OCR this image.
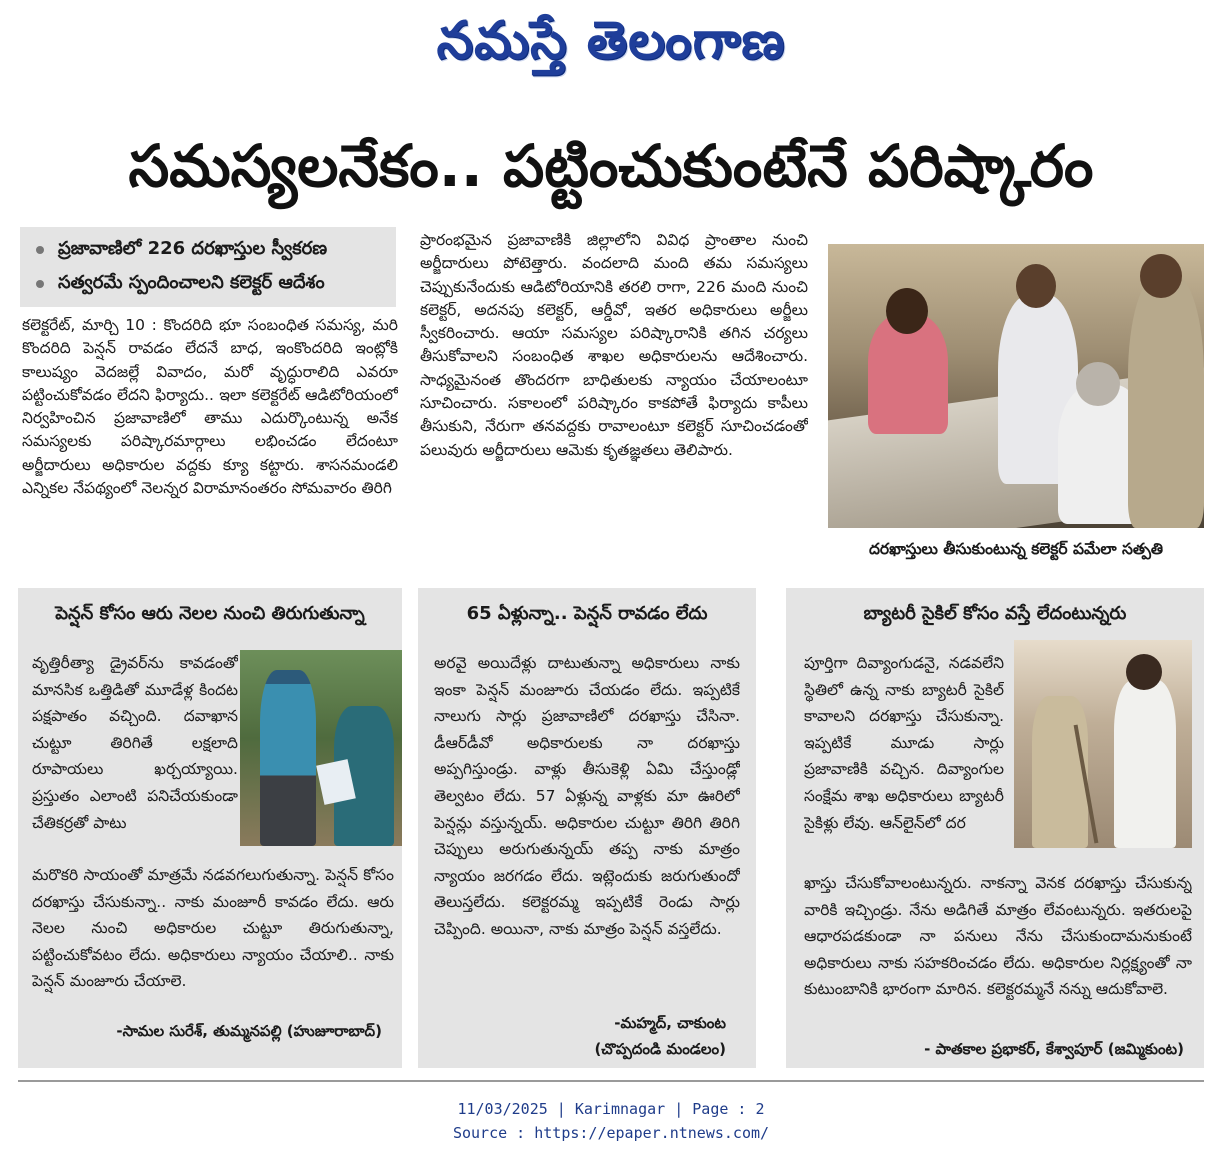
నమస్తే తెలంగాణ
సమస్యలనేకం.. పట్టించుకుంటేనే పరిష్కారం
ప్రజావాణిలో 226 దరఖాస్తుల స్వీకరణ
సత్వరమే స్పందించాలని కలెక్టర్ ఆదేశం

కలెక్టరేట్, మార్చి 10 : కొందరిది భూ సంబంధిత సమస్య, మరి కొందరిది పెన్షన్ రావడం లేదనే బాధ, ఇంకొందరిది ఇంట్లోకి కాలుష్యం వెదజల్లే వివాదం, మరో వృద్ధురాలిది ఎవరూ పట్టించుకోవడం లేదని ఫిర్యాదు.. ఇలా కలెక్టరేట్ ఆడిటోరియంలో నిర్వహించిన ప్రజావాణిలో తాము ఎదుర్కొంటున్న అనేక సమస్యలకు పరిష్కారమార్గాలు లభించడం లేదంటూ అర్జీదారులు అధికారుల వద్దకు క్యూ కట్టారు. శాసనమండలి ఎన్నికల నేపథ్యంలో నెలన్నర విరామానంతరం సోమవారం తిరిగి

ప్రారంభమైన ప్రజావాణికి జిల్లాలోని వివిధ ప్రాంతాల నుంచి అర్జీదారులు పోటెత్తారు. వందలాది మంది తమ సమస్యలు చెప్పుకునేందుకు ఆడిటోరియానికి తరలి రాగా, 226 మంది నుంచి కలెక్టర్, అదనపు కలెక్టర్, ఆర్డీవో, ఇతర అధికారులు అర్జీలు స్వీకరించారు. ఆయా సమస్యల పరిష్కారానికి తగిన చర్యలు తీసుకోవాలని సంబంధిత శాఖల అధికారులను ఆదేశించారు. సాధ్యమైనంత తొందరగా బాధితులకు న్యాయం చేయాలంటూ సూచించారు. సకాలంలో పరిష్కారం కాకపోతే ఫిర్యాదు కాపీలు తీసుకుని, నేరుగా తనవద్దకు రావాలంటూ కలెక్టర్ సూచించడంతో పలువురు అర్జీదారులు ఆమెకు కృతజ్ఞతలు తెలిపారు.

దరఖాస్తులు తీసుకుంటున్న కలెక్టర్ పమేలా సత్పతి
పెన్షన్ కోసం ఆరు నెలల నుంచి తిరుగుతున్నా
వృత్తిరీత్యా డ్రైవర్‌ను కావడంతో మానసిక ఒత్తిడితో మూడేళ్ల కిందట పక్షపాతం వచ్చింది. దవాఖాన చుట్టూ తిరిగితే లక్షలాది రూపాయలు ఖర్చయ్యాయి. ప్రస్తుతం ఎలాంటి పనిచేయకుండా చేతికర్రతో పాటు
మరొకరి సాయంతో మాత్రమే నడవగలుగుతున్నా. పెన్షన్ కోసం దరఖాస్తు చేసుకున్నా.. నాకు మంజూరీ కావడం లేదు. ఆరు నెలల నుంచి అధికారుల చుట్టూ తిరుగుతున్నా, పట్టించుకోవటం లేదు. అధికారులు న్యాయం చేయాలి.. నాకు పెన్షన్ మంజూరు చేయాలె.
-సామల సురేశ్, తుమ్మనపల్లి (హుజూరాబాద్)
65 ఏళ్లున్నా.. పెన్షన్ రావడం లేదు
అరవై అయిదేళ్లు దాటుతున్నా అధికారులు నాకు ఇంకా పెన్షన్ మంజూరు చేయడం లేదు. ఇప్పటికే నాలుగు సార్లు ప్రజావాణిలో దరఖాస్తు చేసినా. డీఆర్‌డీవో అధికారులకు నా దరఖాస్తు అప్పగిస్తుండ్రు. వాళ్లు తీసుకెళ్లి ఏమి చేస్తుండ్లో తెల్వటం లేదు. 57 ఏళ్లున్న వాళ్లకు మా ఊరిలో పెన్షన్లు వస్తున్నయ్. అధికారుల చుట్టూ తిరిగి తిరిగి చెప్పులు అరుగుతున్నయ్ తప్ప నాకు మాత్రం న్యాయం జరగడం లేదు. ఇట్లెందుకు జరుగుతుందో తెలుస్తలేదు. కలెక్టరమ్మ ఇప్పటికే రెండు సార్లు చెప్పింది. అయినా, నాకు మాత్రం పెన్షన్ వస్తలేదు.
-మహ్మద్, చాకుంట
(చొప్పదండి మండలం)
బ్యాటరీ సైకిల్ కోసం వస్తే లేదంటున్నరు
పూర్తిగా దివ్యాంగుడనై, నడవలేని స్థితిలో ఉన్న నాకు బ్యాటరీ సైకిల్ కావాలని దరఖాస్తు చేసుకున్నా. ఇప్పటికే మూడు సార్లు ప్రజావాణికి వచ్చిన. దివ్యాంగుల సంక్షేమ శాఖ అధికారులు బ్యాటరీ సైకిళ్లు లేవు. ఆన్‌లైన్‌లో దర
ఖాస్తు చేసుకోవాలంటున్నరు. నాకన్నా వెనక దరఖాస్తు చేసుకున్న వారికి ఇచ్చిండ్రు. నేను అడిగితే మాత్రం లేవంటున్నరు. ఇతరులపై ఆధారపడకుండా నా పనులు నేను చేసుకుందామనుకుంటే అధికారులు నాకు సహకరించడం లేదు. అధికారుల నిర్లక్ష్యంతో నా కుటుంబానికి భారంగా మారిన. కలెక్టరమ్మనే నన్ను ఆదుకోవాలె.
- పాతకాల ప్రభాకర్, కేశ్వాపూర్ (జమ్మికుంట)
11/03/2025 | Karimnagar | Page : 2
Source : https://epaper.ntnews.com/
